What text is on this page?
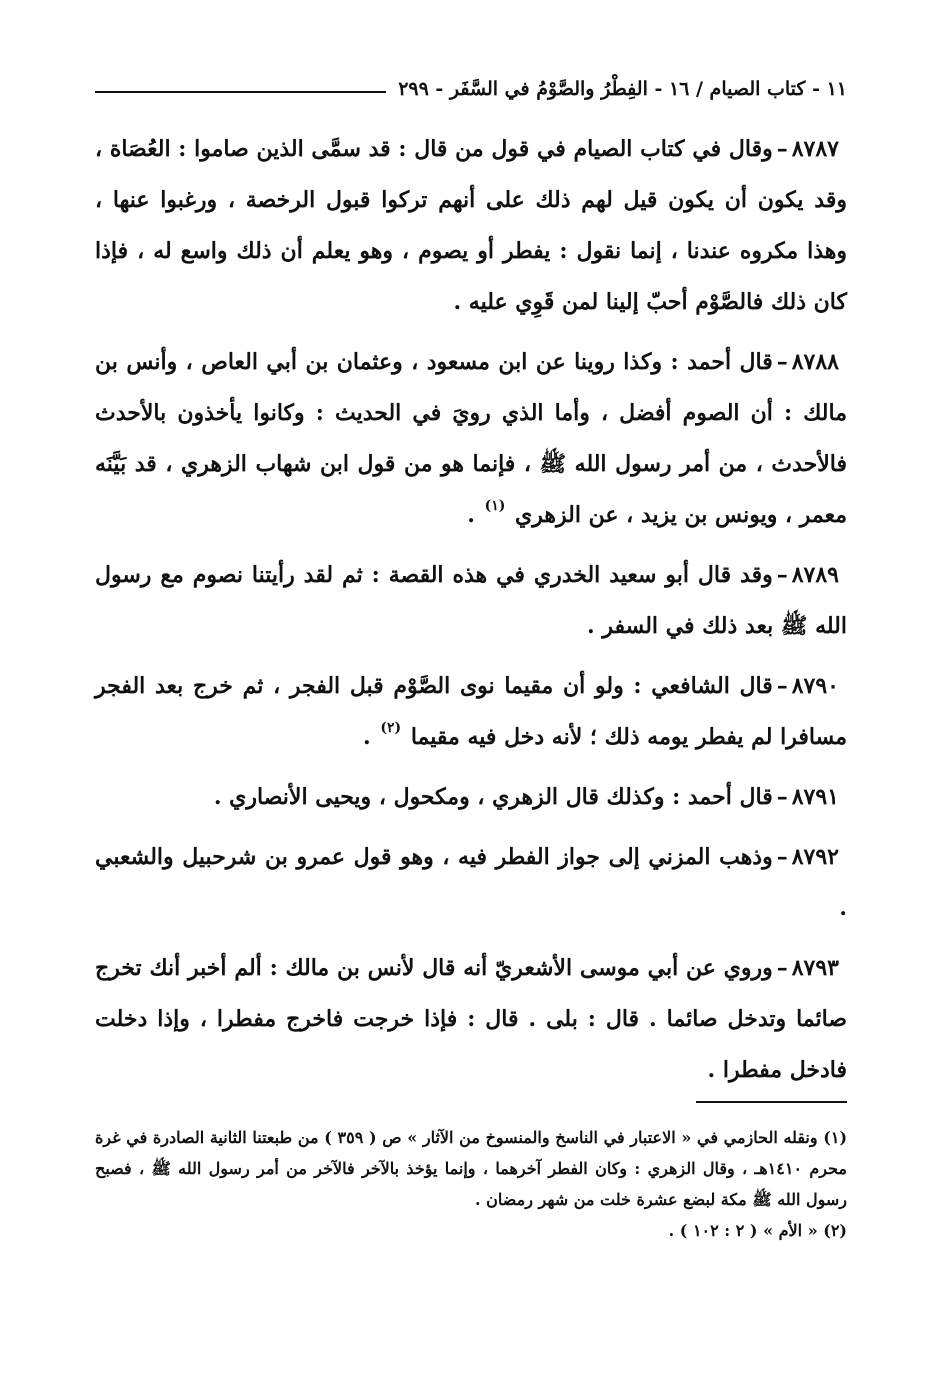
١١ - كتاب الصيام / ١٦ - الفِطْرُ والصَّوْمُ في السَّفَر - ٢٩٩

٨٧٨٧–وقال في كتاب الصيام في قول من قال : قد سمَّى الذين صاموا : العُصَاة ، وقد يكون أن يكون قيل لهم ذلك على أنهم تركوا قبول الرخصة ، ورغبوا عنها ، وهذا مكروه عندنا ، إنما نقول : يفطر أو يصوم ، وهو يعلم أن ذلك واسع له ، فإذا كان ذلك فالصَّوْم أحبّ إلينا لمن قَوِي عليه .

٨٧٨٨–قال أحمد : وكذا روينا عن ابن مسعود ، وعثمان بن أبي العاص ، وأنس بن مالك : أن الصوم أفضل ، وأما الذي رويَ في الحديث : وكانوا يأخذون بالأحدث فالأحدث ، من أمر رسول الله ﷺ ، فإنما هو من قول ابن شهاب الزهري ، قد بَيَّنَه معمر ، ويونس بن يزيد ، عن الزهري $^{(١)}$ .

٨٧٨٩–وقد قال أبو سعيد الخدري في هذه القصة : ثم لقد رأيتنا نصوم مع رسول الله ﷺ بعد ذلك في السفر .

٨٧٩٠–قال الشافعي : ولو أن مقيما نوى الصَّوْم قبل الفجر ، ثم خرج بعد الفجر مسافرا لم يفطر يومه ذلك ؛ لأنه دخل فيه مقيما $^{(٢)}$ .

٨٧٩١–قال أحمد : وكذلك قال الزهري ، ومكحول ، ويحيى الأنصاري .

٨٧٩٢–وذهب المزني إلى جواز الفطر فيه ، وهو قول عمرو بن شرحبيل والشعبي .

٨٧٩٣–وروي عن أبي موسى الأشعريّ أنه قال لأنس بن مالك : ألم أخبر أنك تخرج صائما وتدخل صائما . قال : بلى . قال : فإذا خرجت فاخرج مفطرا ، وإذا دخلت فادخل مفطرا .

(١) ونقله الحازمي في « الاعتبار في الناسخ والمنسوخ من الآثار » ص ( ٣٥٩ ) من طبعتنا الثانية الصادرة في غرة محرم ١٤١٠هـ ، وقال الزهري : وكان الفطر آخرهما ، وإنما يؤخذ بالآخر فالآخر من أمر رسول الله ﷺ ، فصبح رسول الله ﷺ مكة لبضع عشرة خلت من شهر رمضان .

(٢) « الأم » ( ٢ : ١٠٢ ) .
